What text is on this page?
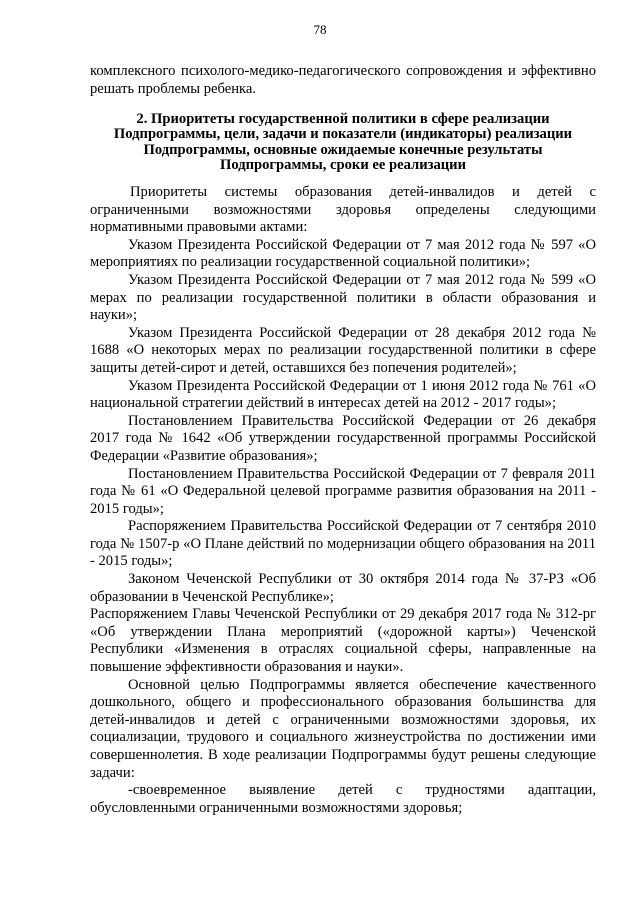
78

комплексного психолого-медико-педагогического сопровождения и эффективно решать проблемы ребенка.

2. Приоритеты государственной политики в сфере реализации
Подпрограммы, цели, задачи и показатели (индикаторы) реализации
Подпрограммы, основные ожидаемые конечные результаты
Подпрограммы, сроки ее реализации

Приоритеты системы образования детей-инвалидов и детей с ограниченными возможностями здоровья определены следующими нормативными правовыми актами:

Указом Президента Российской Федерации от 7 мая 2012 года № 597 «О мероприятиях по реализации государственной социальной политики»;

Указом Президента Российской Федерации от 7 мая 2012 года № 599 «О мерах по реализации государственной политики в области образования и науки»;

Указом Президента Российской Федерации от 28 декабря 2012 года № 1688 «О некоторых мерах по реализации государственной политики в сфере защиты детей-сирот и детей, оставшихся без попечения родителей»;

Указом Президента Российской Федерации от 1 июня 2012 года № 761 «О национальной стратегии действий в интересах детей на 2012 - 2017 годы»;

Постановлением Правительства Российской Федерации от 26 декабря 2017 года № 1642 «Об утверждении государственной программы Российской Федерации «Развитие образования»;

Постановлением Правительства Российской Федерации от 7 февраля 2011 года № 61 «О Федеральной целевой программе развития образования на 2011 - 2015 годы»;

Распоряжением Правительства Российской Федерации от 7 сентября 2010 года № 1507-р «О Плане действий по модернизации общего образования на 2011 - 2015 годы»;

Законом Чеченской Республики от 30 октября 2014 года № 37-РЗ «Об образовании в Чеченской Республике»;

Распоряжением Главы Чеченской Республики от 29 декабря 2017 года № 312-рг «Об утверждении Плана мероприятий («дорожной карты») Чеченской Республики «Изменения в отраслях социальной сферы, направленные на повышение эффективности образования и науки».

Основной целью Подпрограммы является обеспечение качественного дошкольного, общего и профессионального образования большинства для детей-инвалидов и детей с ограниченными возможностями здоровья, их социализации, трудового и социального жизнеустройства по достижении ими совершеннолетия. В ходе реализации Подпрограммы будут решены следующие задачи:

-своевременное выявление детей с трудностями адаптации, обусловленными ограниченными возможностями здоровья;
